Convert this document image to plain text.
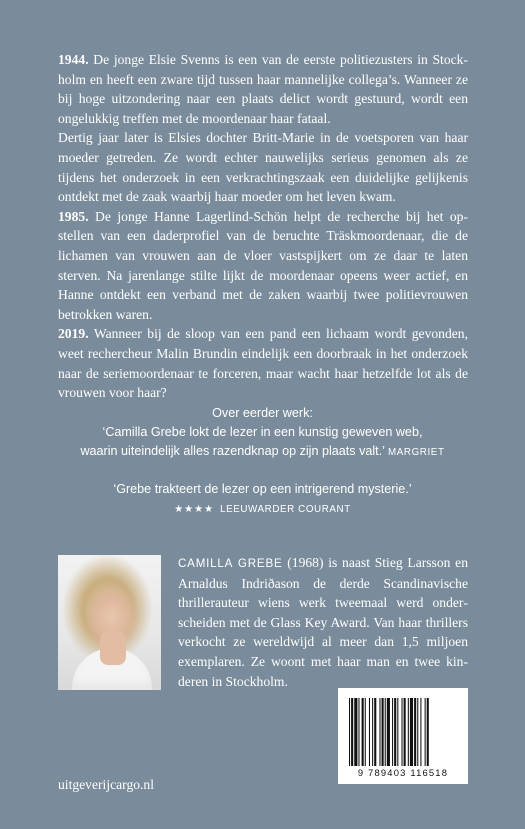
1944. De jonge Elsie Svenns is een van de eerste politiezusters in Stockholm en heeft een zware tijd tussen haar mannelijke collega’s. Wanneer ze bij hoge uitzondering naar een plaats delict wordt gestuurd, wordt een ongelukkig treffen met de moordenaar haar fataal.

Dertig jaar later is Elsies dochter Britt-Marie in de voetsporen van haar moeder getreden. Ze wordt echter nauwelijks serieus genomen als ze tijdens het onderzoek in een verkrachtingszaak een duidelijke gelijkenis ontdekt met de zaak waarbij haar moeder om het leven kwam.

1985. De jonge Hanne Lagerlind-Schön helpt de recherche bij het opstellen van een daderprofiel van de beruchte Träskmoordenaar, die de lichamen van vrouwen aan de vloer vastspijkert om ze daar te laten sterven. Na jarenlange stilte lijkt de moordenaar opeens weer actief, en Hanne ontdekt een verband met de zaken waarbij twee politievrouwen betrokken waren.

2019. Wanneer bij de sloop van een pand een lichaam wordt gevonden, weet rechercheur Malin Brundin eindelijk een doorbraak in het onderzoek naar de seriemoordenaar te forceren, maar wacht haar hetzelfde lot als de vrouwen voor haar?

Over eerder werk:

‘Camilla Grebe lokt de lezer in een kunstig geweven web,
waarin uiteindelijk alles razendknap op zijn plaats valt.’ MARGRIET

‘Grebe trakteert de lezer op een intrigerend mysterie.’
★★★★ LEEUWARDER COURANT

CAMILLA GREBE (1968) is naast Stieg Larsson en Arnaldus Indriðason de derde Scandinavische thrillerauteur wiens werk tweemaal werd onderscheiden met de Glass Key Award. Van haar thrillers verkocht ze wereldwijd al meer dan 1,5 miljoen exemplaren. Ze woont met haar man en twee kinderen in Stockholm.

9 789403 116518
uitgeverijcargo.nl
